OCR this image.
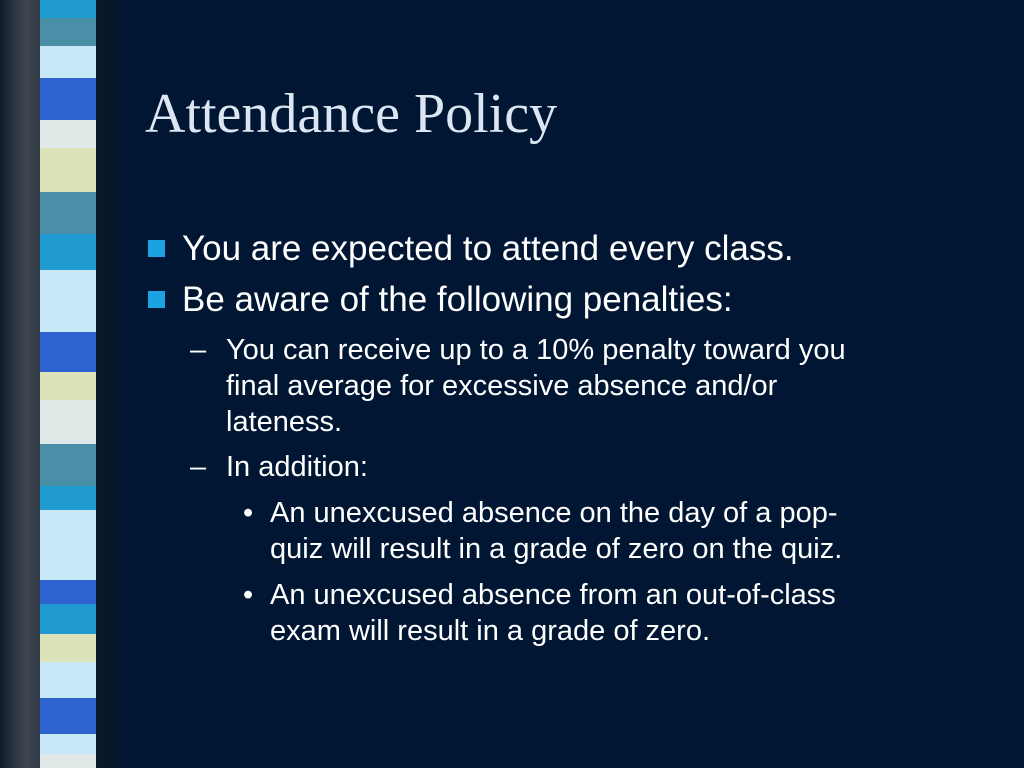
Attendance Policy
You are expected to attend every class.
Be aware of the following penalties:
– You can receive up to a 10% penalty toward you
final average for excessive absence and/or
lateness.
– In addition:
• An unexcused absence on the day of a pop-
quiz will result in a grade of zero on the quiz.
• An unexcused absence from an out-of-class
exam will result in a grade of zero.
